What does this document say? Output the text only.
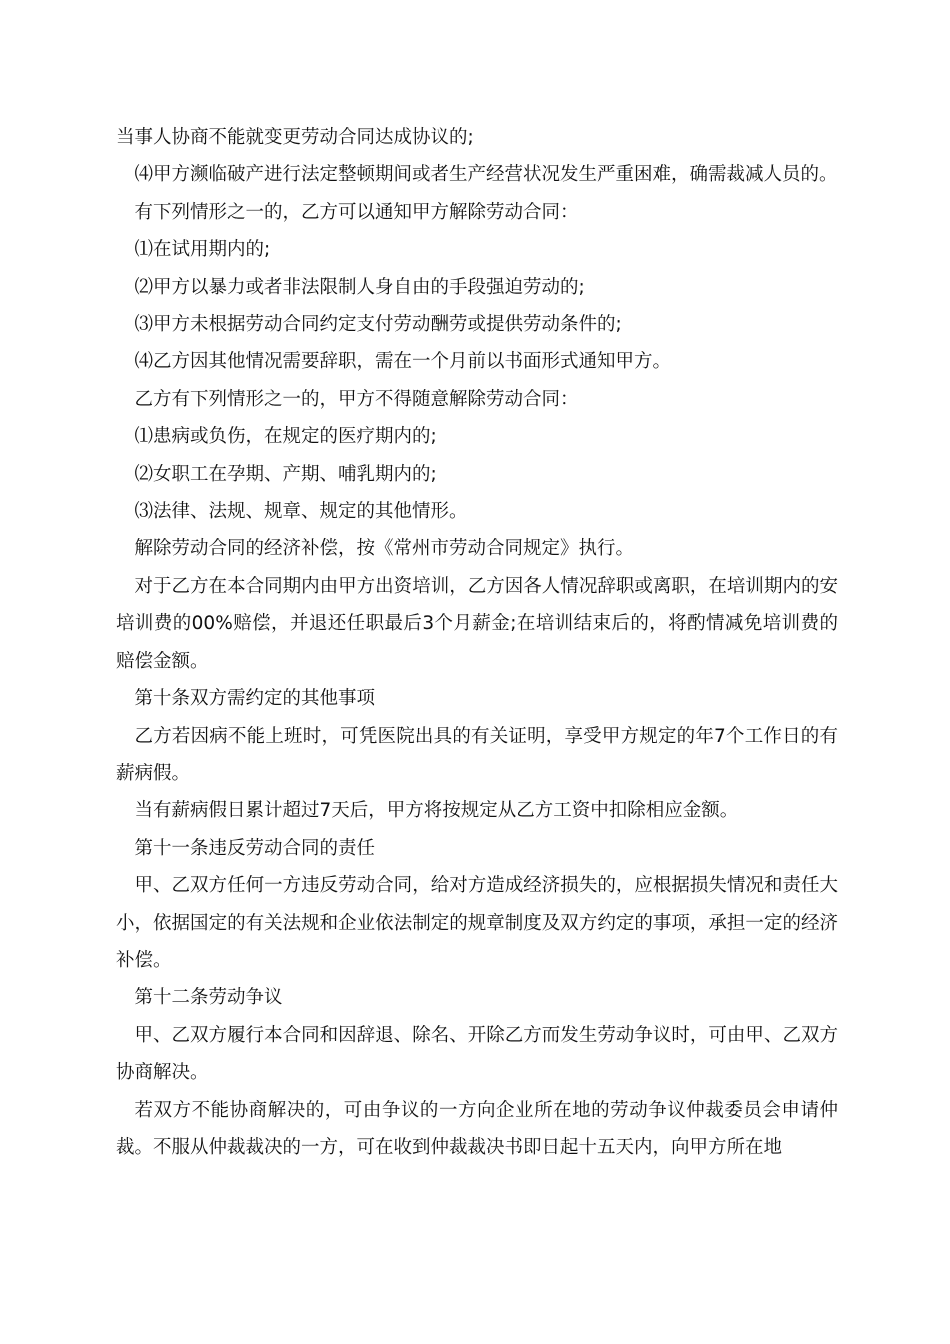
当事人协商不能就变更劳动合同达成协议的;

⑷甲方濒临破产进行法定整顿期间或者生产经营状况发生严重困难，确需裁减人员的。

有下列情形之一的，乙方可以通知甲方解除劳动合同：

⑴在试用期内的;

⑵甲方以暴力或者非法限制人身自由的手段强迫劳动的;

⑶甲方未根据劳动合同约定支付劳动酬劳或提供劳动条件的;

⑷乙方因其他情况需要辞职，需在一个月前以书面形式通知甲方。

乙方有下列情形之一的，甲方不得随意解除劳动合同：

⑴患病或负伤，在规定的医疗期内的;

⑵女职工在孕期、产期、哺乳期内的;

⑶法律、法规、规章、规定的其他情形。

解除劳动合同的经济补偿，按《常州市劳动合同规定》执行。

对于乙方在本合同期内由甲方出资培训，乙方因各人情况辞职或离职，在培训期内的安培训费的00%赔偿，并退还任职最后3个月薪金;在培训结束后的，将酌情减免培训费的赔偿金额。

第十条双方需约定的其他事项

乙方若因病不能上班时，可凭医院出具的有关证明，享受甲方规定的年7个工作日的有薪病假。

当有薪病假日累计超过7天后，甲方将按规定从乙方工资中扣除相应金额。

第十一条违反劳动合同的责任

甲、乙双方任何一方违反劳动合同，给对方造成经济损失的，应根据损失情况和责任大小，依据国定的有关法规和企业依法制定的规章制度及双方约定的事项，承担一定的经济补偿。

第十二条劳动争议

甲、乙双方履行本合同和因辞退、除名、开除乙方而发生劳动争议时，可由甲、乙双方协商解决。

若双方不能协商解决的，可由争议的一方向企业所在地的劳动争议仲裁委员会申请仲裁。不服从仲裁裁决的一方，可在收到仲裁裁决书即日起十五天内，向甲方所在地
